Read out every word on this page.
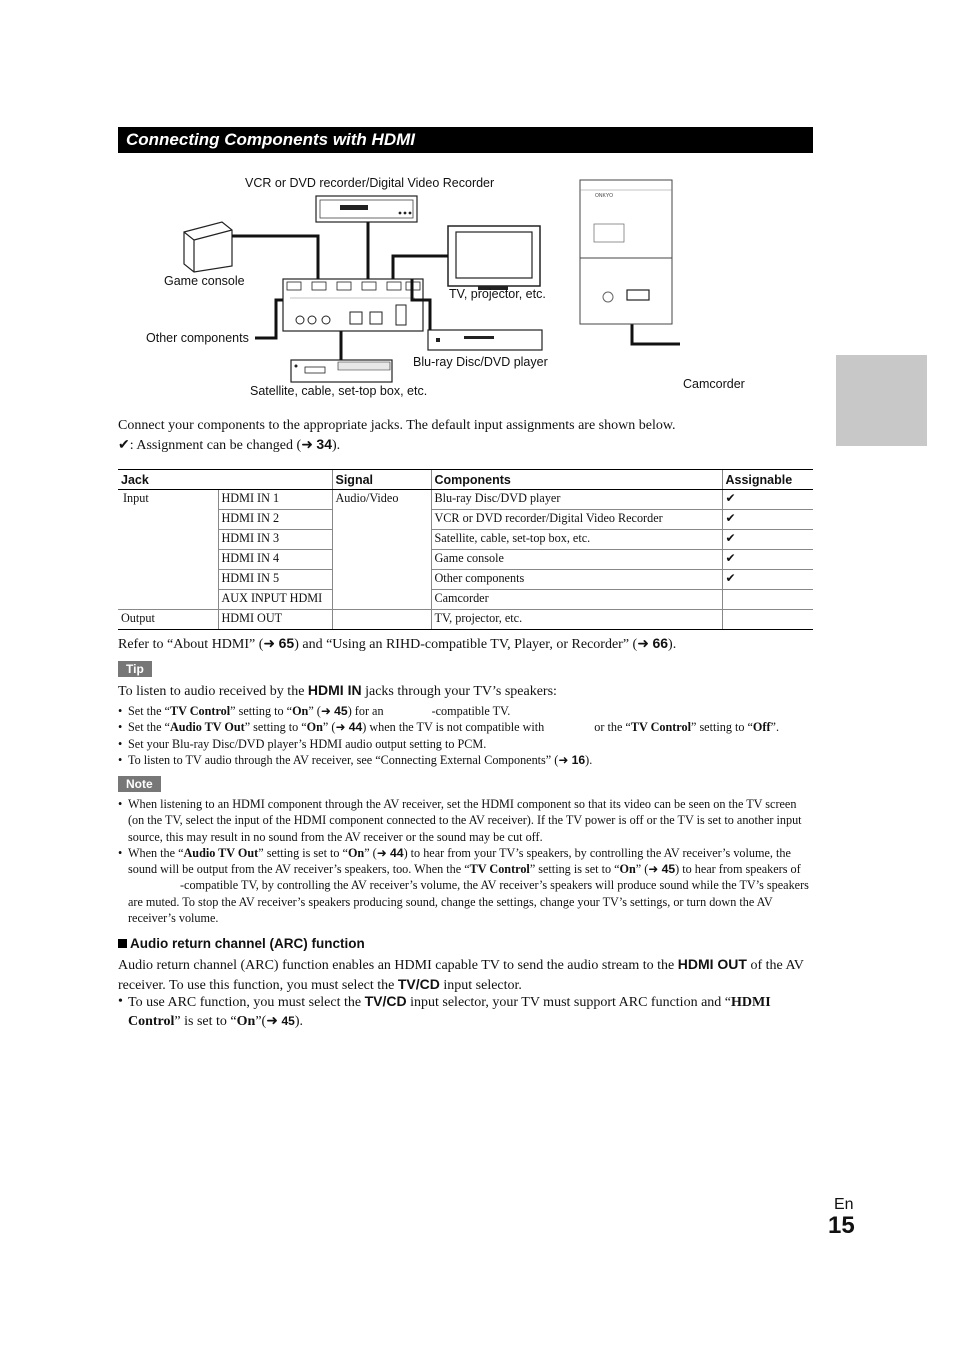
Connecting Components with HDMI
ONKYO
VCR or DVD recorder/Digital Video Recorder
Game console
TV, projector, etc.
Other components
Blu-ray Disc/DVD player
Satellite, cable, set-top box, etc.	Camcorder
Connect your components to the appropriate jacks. The default input assignments are shown below.
✔: Assignment can be changed (➜ 34).
Jack		Signal	Components	Assignable
Input	HDMI IN 1	Audio/Video	Blu-ray Disc/DVD player	✔
	HDMI IN 2		VCR or DVD recorder/Digital Video Recorder	✔
	HDMI IN 3		Satellite, cable, set-top box, etc.	✔
	HDMI IN 4		Game console	✔
	HDMI IN 5		Other components	✔
	AUX INPUT HDMI		Camcorder	
Output	HDMI OUT		TV, projector, etc.	
Refer to “About HDMI” (➜ 65) and “Using an RIHD-compatible TV, Player, or Recorder” (➜ 66).
Tip
To listen to audio received by the HDMI IN jacks through your TV’s speakers:
• Set the “TV Control” setting to “On” (➜ 45) for an	-compatible TV.
• Set the “Audio TV Out” setting to “On” (➜ 44) when the TV is not compatible with	or the “TV Control” setting to “Off”.
• Set your Blu-ray Disc/DVD player’s HDMI audio output setting to PCM.
• To listen to TV audio through the AV receiver, see “Connecting External Components” (➜ 16).
Note
• When listening to an HDMI component through the AV receiver, set the HDMI component so that its video can be seen on the TV screen (on the TV, select the input of the HDMI component connected to the AV receiver). If the TV power is off or the TV is set to another input source, this may result in no sound from the AV receiver or the sound may be cut off.
• When the “Audio TV Out” setting is set to “On” (➜ 44) to hear from your TV’s speakers, by controlling the AV receiver’s volume, the sound will be output from the AV receiver’s speakers, too. When the “TV Control” setting is set to “On” (➜ 45) to hear from speakers of-compatible TV, by controlling the AV receiver’s volume, the AV receiver’s speakers will produce sound while the TV’s speakers are muted. To stop the AV receiver’s speakers producing sound, change the settings, change your TV’s settings, or turn down the AV receiver’s volume.
Audio return channel (ARC) function
Audio return channel (ARC) function enables an HDMI capable TV to send the audio stream to the HDMI OUT of the AV receiver. To use this function, you must select the TV/CD input selector.
• To use ARC function, you must select the TV/CD input selector, your TV must support ARC function and “HDMI Control” is set to “On”(➜ 45).
En
15
